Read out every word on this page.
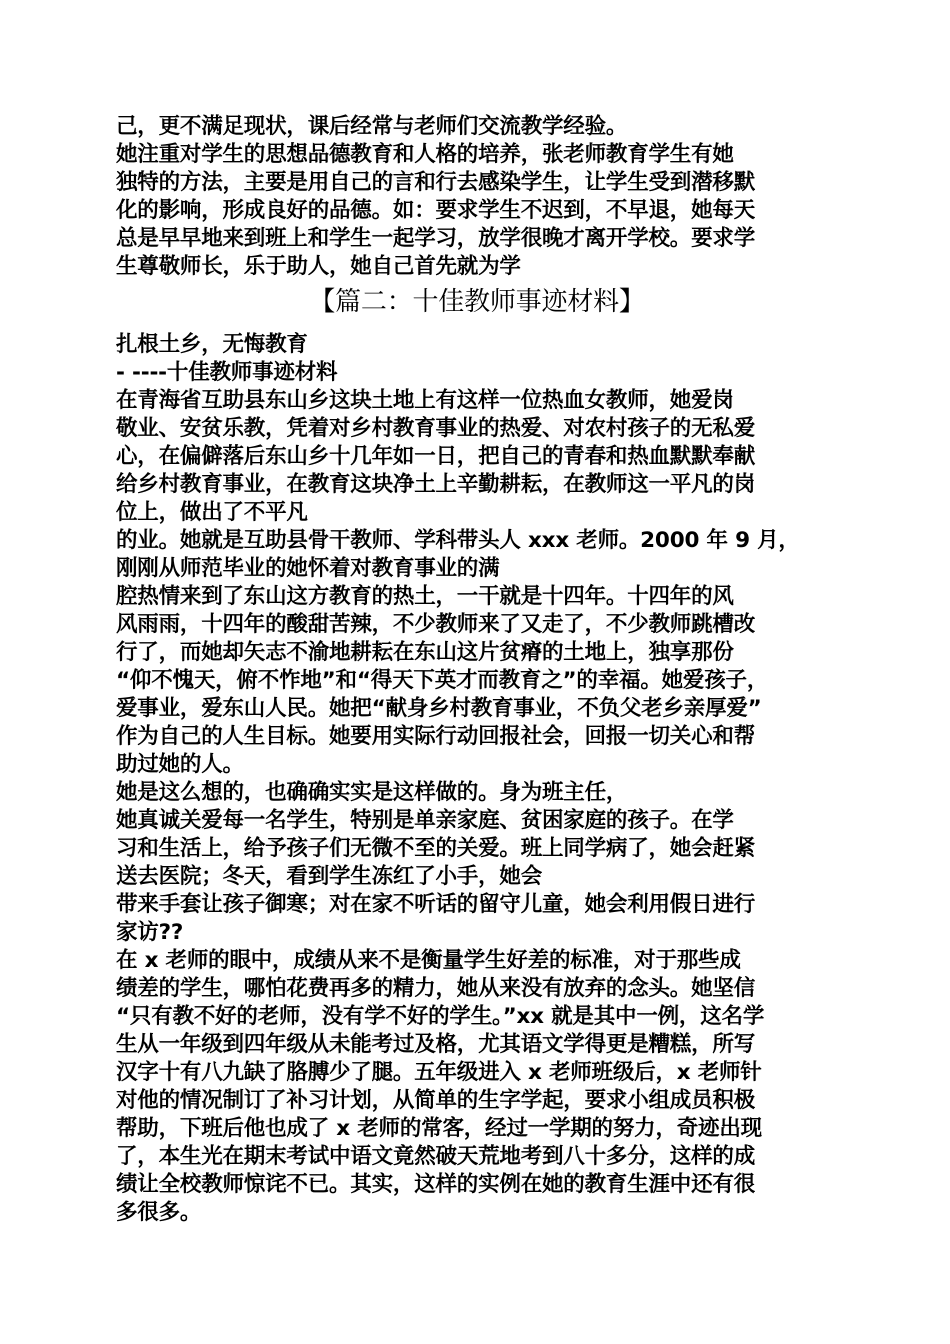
己，更不满足现状，课后经常与老师们交流教学经验。
她注重对学生的思想品德教育和人格的培养，张老师教育学生有她
独特的方法，主要是用自己的言和行去感染学生，让学生受到潜移默
化的影响，形成良好的品德。如：要求学生不迟到，不早退，她每天
总是早早地来到班上和学生一起学习，放学很晚才离开学校。要求学
生尊敬师长，乐于助人，她自己首先就为学
【篇二：十佳教师事迹材料】
扎根土乡，无悔教育
- ----十佳教师事迹材料
在青海省互助县东山乡这块土地上有这样一位热血女教师，她爱岗
敬业、安贫乐教，凭着对乡村教育事业的热爱、对农村孩子的无私爱
心，在偏僻落后东山乡十几年如一日，把自己的青春和热血默默奉献
给乡村教育事业，在教育这块净土上辛勤耕耘，在教师这一平凡的岗
位上，做出了不平凡
的业。她就是互助县骨干教师、学科带头人 xxx 老师。2000 年 9 月，
刚刚从师范毕业的她怀着对教育事业的满
腔热情来到了东山这方教育的热土，一干就是十四年。十四年的风
风雨雨，十四年的酸甜苦辣，不少教师来了又走了，不少教师跳槽改
行了，而她却矢志不渝地耕耘在东山这片贫瘠的土地上，独享那份
“仰不愧天，俯不怍地”和“得天下英才而教育之”的幸福。她爱孩子，
爱事业，爱东山人民。她把“献身乡村教育事业，不负父老乡亲厚爱”
作为自己的人生目标。她要用实际行动回报社会，回报一切关心和帮
助过她的人。
她是这么想的，也确确实实是这样做的。身为班主任，
她真诚关爱每一名学生，特别是单亲家庭、贫困家庭的孩子。在学
习和生活上，给予孩子们无微不至的关爱。班上同学病了，她会赶紧
送去医院；冬天，看到学生冻红了小手，她会
带来手套让孩子御寒；对在家不听话的留守儿童，她会利用假日进行
家访??
在 x 老师的眼中，成绩从来不是衡量学生好差的标准，对于那些成
绩差的学生，哪怕花费再多的精力，她从来没有放弃的念头。她坚信
“只有教不好的老师，没有学不好的学生。”xx 就是其中一例，这名学
生从一年级到四年级从未能考过及格，尤其语文学得更是糟糕，所写
汉字十有八九缺了胳膊少了腿。五年级进入 x 老师班级后，x 老师针
对他的情况制订了补习计划，从简单的生字学起，要求小组成员积极
帮助，下班后他也成了 x 老师的常客，经过一学期的努力，奇迹出现
了，本生光在期末考试中语文竟然破天荒地考到八十多分，这样的成
绩让全校教师惊诧不已。其实，这样的实例在她的教育生涯中还有很
多很多。
